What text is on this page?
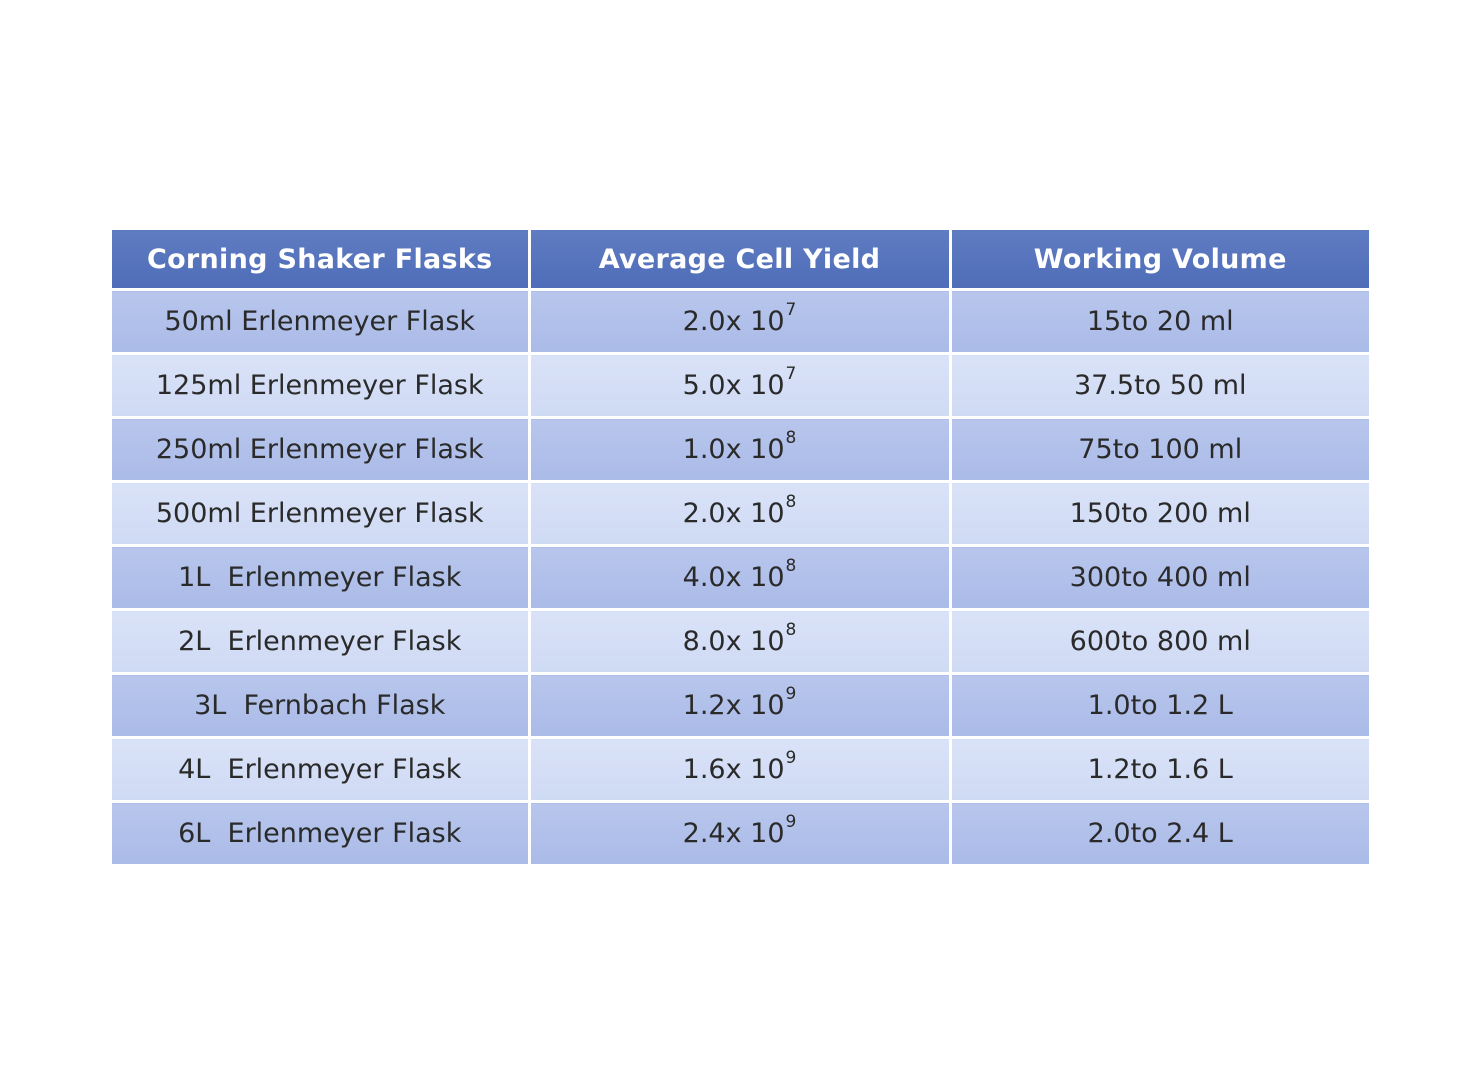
Corning Shaker Flasks	Average Cell Yield	Working Volume
50ml Erlenmeyer Flask	2.0x $10^7$	15to 20 ml
125ml Erlenmeyer Flask	5.0x $10^7$	37.5to 50 ml
250ml Erlenmeyer Flask	1.0x $10^8$	75to 100 ml
500ml Erlenmeyer Flask	2.0x $10^8$	150to 200 ml
1L  Erlenmeyer Flask	4.0x $10^8$	300to 400 ml
2L  Erlenmeyer Flask	8.0x $10^8$	600to 800 ml
3L  Fernbach Flask	1.2x $10^9$	1.0to 1.2 L
4L  Erlenmeyer Flask	1.6x $10^9$	1.2to 1.6 L
6L  Erlenmeyer Flask	2.4x $10^9$	2.0to 2.4 L
